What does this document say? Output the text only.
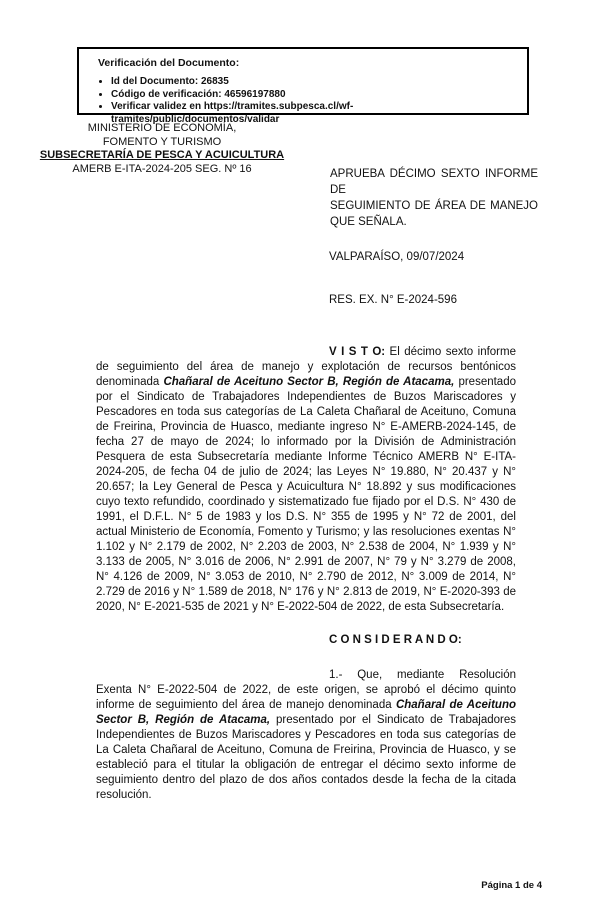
Verificación del Documento:

• Id del Documento: 26835
• Código de verificación: 46596197880
• Verificar validez en https://tramites.subpesca.cl/wf-tramites/public/documentos/validar
MINISTERIO DE ECONOMÍA,
FOMENTO Y TURISMO
SUBSECRETARÍA DE PESCA Y ACUICULTURA
AMERB E-ITA-2024-205 SEG. Nº 16	APRUEBA DÉCIMO SEXTO INFORME DE
SEGUIMIENTO DE ÁREA DE MANEJO
QUE SEÑALA.
VALPARAÍSO, 09/07/2024
RES. EX. N° E-2024-596

V I S T O: El décimo sexto informe de seguimiento del área de manejo y explotación de recursos bentónicos denominada Chañaral de Aceituno Sector B, Región de Atacama, presentado por el Sindicato de Trabajadores Independientes de Buzos Mariscadores y Pescadores en toda sus categorías de La Caleta Chañaral de Aceituno, Comuna de Freirina, Provincia de Huasco, mediante ingreso N° E-AMERB-2024-145, de fecha 27 de mayo de 2024; lo informado por la División de Administración Pesquera de esta Subsecretaría mediante Informe Técnico AMERB N° E-ITA-2024-205, de fecha 04 de julio de 2024; las Leyes N° 19.880, N° 20.437 y N° 20.657; la Ley General de Pesca y Acuicultura N° 18.892 y sus modificaciones cuyo texto refundido, coordinado y sistematizado fue fijado por el D.S. N° 430 de 1991, el D.F.L. N° 5 de 1983 y los D.S. N° 355 de 1995 y N° 72 de 2001, del actual Ministerio de Economía, Fomento y Turismo; y las resoluciones exentas N° 1.102 y N° 2.179 de 2002, N° 2.203 de 2003, N° 2.538 de 2004, N° 1.939 y N° 3.133 de 2005, N° 3.016 de 2006, N° 2.991 de 2007, N° 79 y N° 3.279 de 2008, N° 4.126 de 2009, N° 3.053 de 2010, N° 2.790 de 2012, N° 3.009 de 2014, N° 2.729 de 2016 y N° 1.589 de 2018, N° 176 y N° 2.813 de 2019, N° E-2020-393 de 2020, N° E-2021-535 de 2021 y N° E-2022-504 de 2022, de esta Subsecretaría.

C O N S I D E R A N D O:

1.- Que, mediante Resolución Exenta N° E-2022-504 de 2022, de este origen, se aprobó el décimo quinto informe de seguimiento del área de manejo denominada Chañaral de Aceituno Sector B, Región de Atacama, presentado por el Sindicato de Trabajadores Independientes de Buzos Mariscadores y Pescadores en toda sus categorías de La Caleta Chañaral de Aceituno, Comuna de Freirina, Provincia de Huasco, y se estableció para el titular la obligación de entregar el décimo sexto informe de seguimiento dentro del plazo de dos años contados desde la fecha de la citada resolución.

Página 1 de 4
